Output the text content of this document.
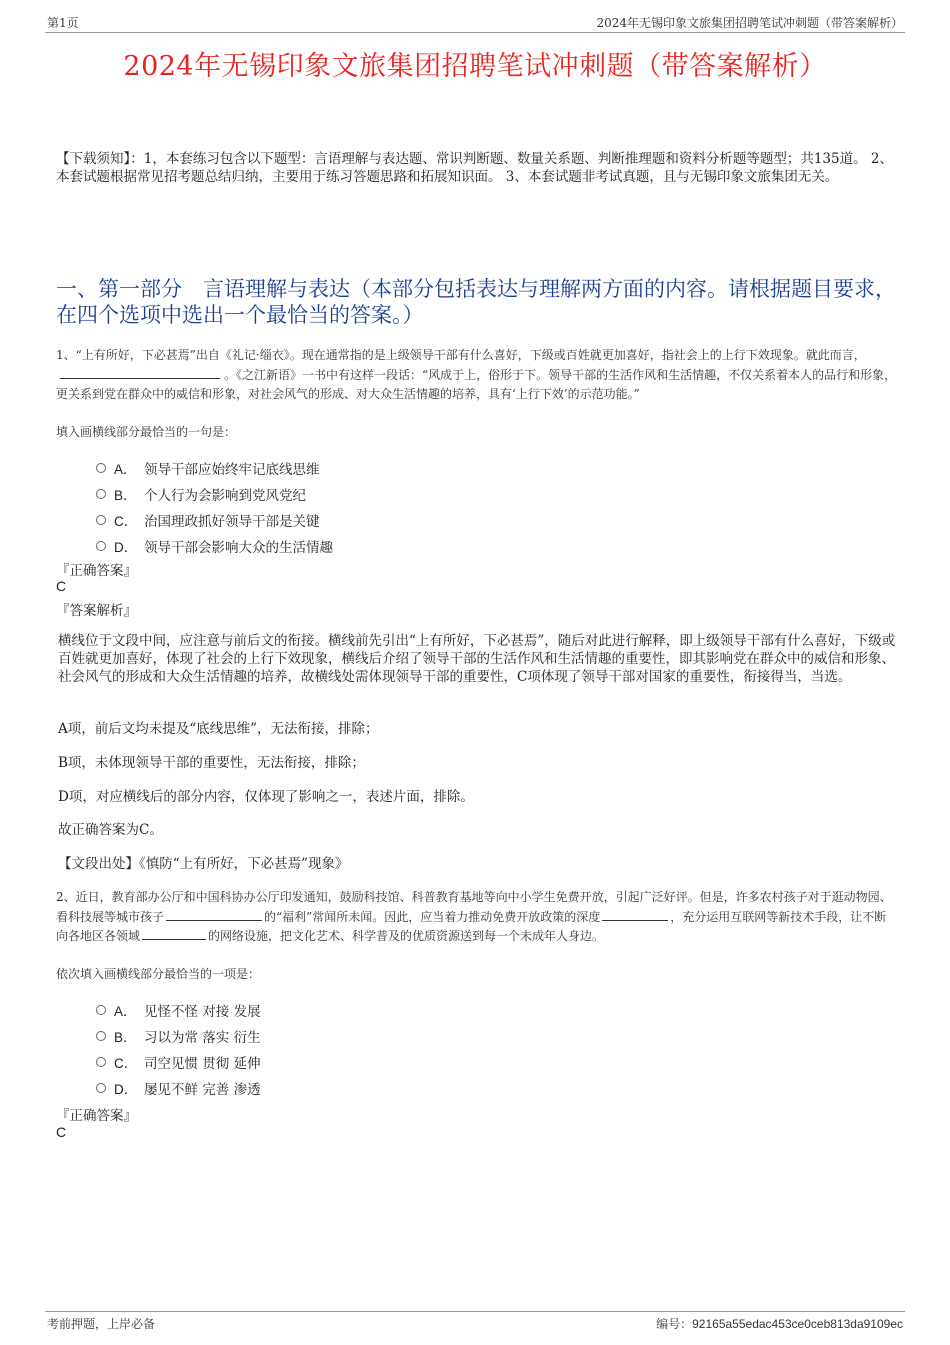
第1页	2024年无锡印象文旅集团招聘笔试冲刺题（带答案解析）
2024年无锡印象文旅集团招聘笔试冲刺题（带答案解析）
【下载须知】：1，本套练习包含以下题型：言语理解与表达题、常识判断题、数量关系题、判断推理题和资料分析题等题型；共135道。 2、本套试题根据常见招考题总结归纳，主要用于练习答题思路和拓展知识面。 3、本套试题非考试真题，且与无锡印象文旅集团无关。
一、第一部分　言语理解与表达（本部分包括表达与理解两方面的内容。请根据题目要求，在四个选项中选出一个最恰当的答案。）
1、“上有所好，下必甚焉”出自《礼记·缁衣》。现在通常指的是上级领导干部有什么喜好，下级或百姓就更加喜好，指社会上的上行下效现象。就此而言，。《之江新语》一书中有这样一段话：“风成于上，俗形于下。领导干部的生活作风和生活情趣，不仅关系着本人的品行和形象，更关系到党在群众中的威信和形象，对社会风气的形成、对大众生活情趣的培养，具有‘上行下效’的示范功能。”
填入画横线部分最恰当的一句是：
A． 领导干部应始终牢记底线思维
B． 个人行为会影响到党风党纪
C． 治国理政抓好领导干部是关键
D． 领导干部会影响大众的生活情趣
『正确答案』
C
『答案解析』
横线位于文段中间，应注意与前后文的衔接。横线前先引出“上有所好，下必甚焉”，随后对此进行解释，即上级领导干部有什么喜好，下级或百姓就更加喜好，体现了社会的上行下效现象，横线后介绍了领导干部的生活作风和生活情趣的重要性，即其影响党在群众中的威信和形象、社会风气的形成和大众生活情趣的培养，故横线处需体现领导干部的重要性，C项体现了领导干部对国家的重要性，衔接得当，当选。
A项，前后文均未提及“底线思维”，无法衔接，排除；
B项，未体现领导干部的重要性，无法衔接，排除；
D项，对应横线后的部分内容，仅体现了影响之一，表述片面，排除。
故正确答案为C。
【文段出处】《慎防“上有所好，下必甚焉”现象》
2、近日，教育部办公厅和中国科协办公厅印发通知，鼓励科技馆、科普教育基地等向中小学生免费开放，引起广泛好评。但是，许多农村孩子对于逛动物园、看科技展等城市孩子	的“福利”常闻所未闻。因此，应当着力推动免费开放政策的深度	，充分运用互联网等新技术手段，让不断向各地区各领域	的网络设施，把文化艺术、科学普及的优质资源送到每一个未成年人身边。
依次填入画横线部分最恰当的一项是：
A． 见怪不怪 对接 发展
B． 习以为常 落实 衍生
C． 司空见惯 贯彻 延伸
D． 屡见不鲜 完善 渗透
『正确答案』
C
考前押题，上岸必备	编号：92165a55edac453ce0ceb813da9109ec
